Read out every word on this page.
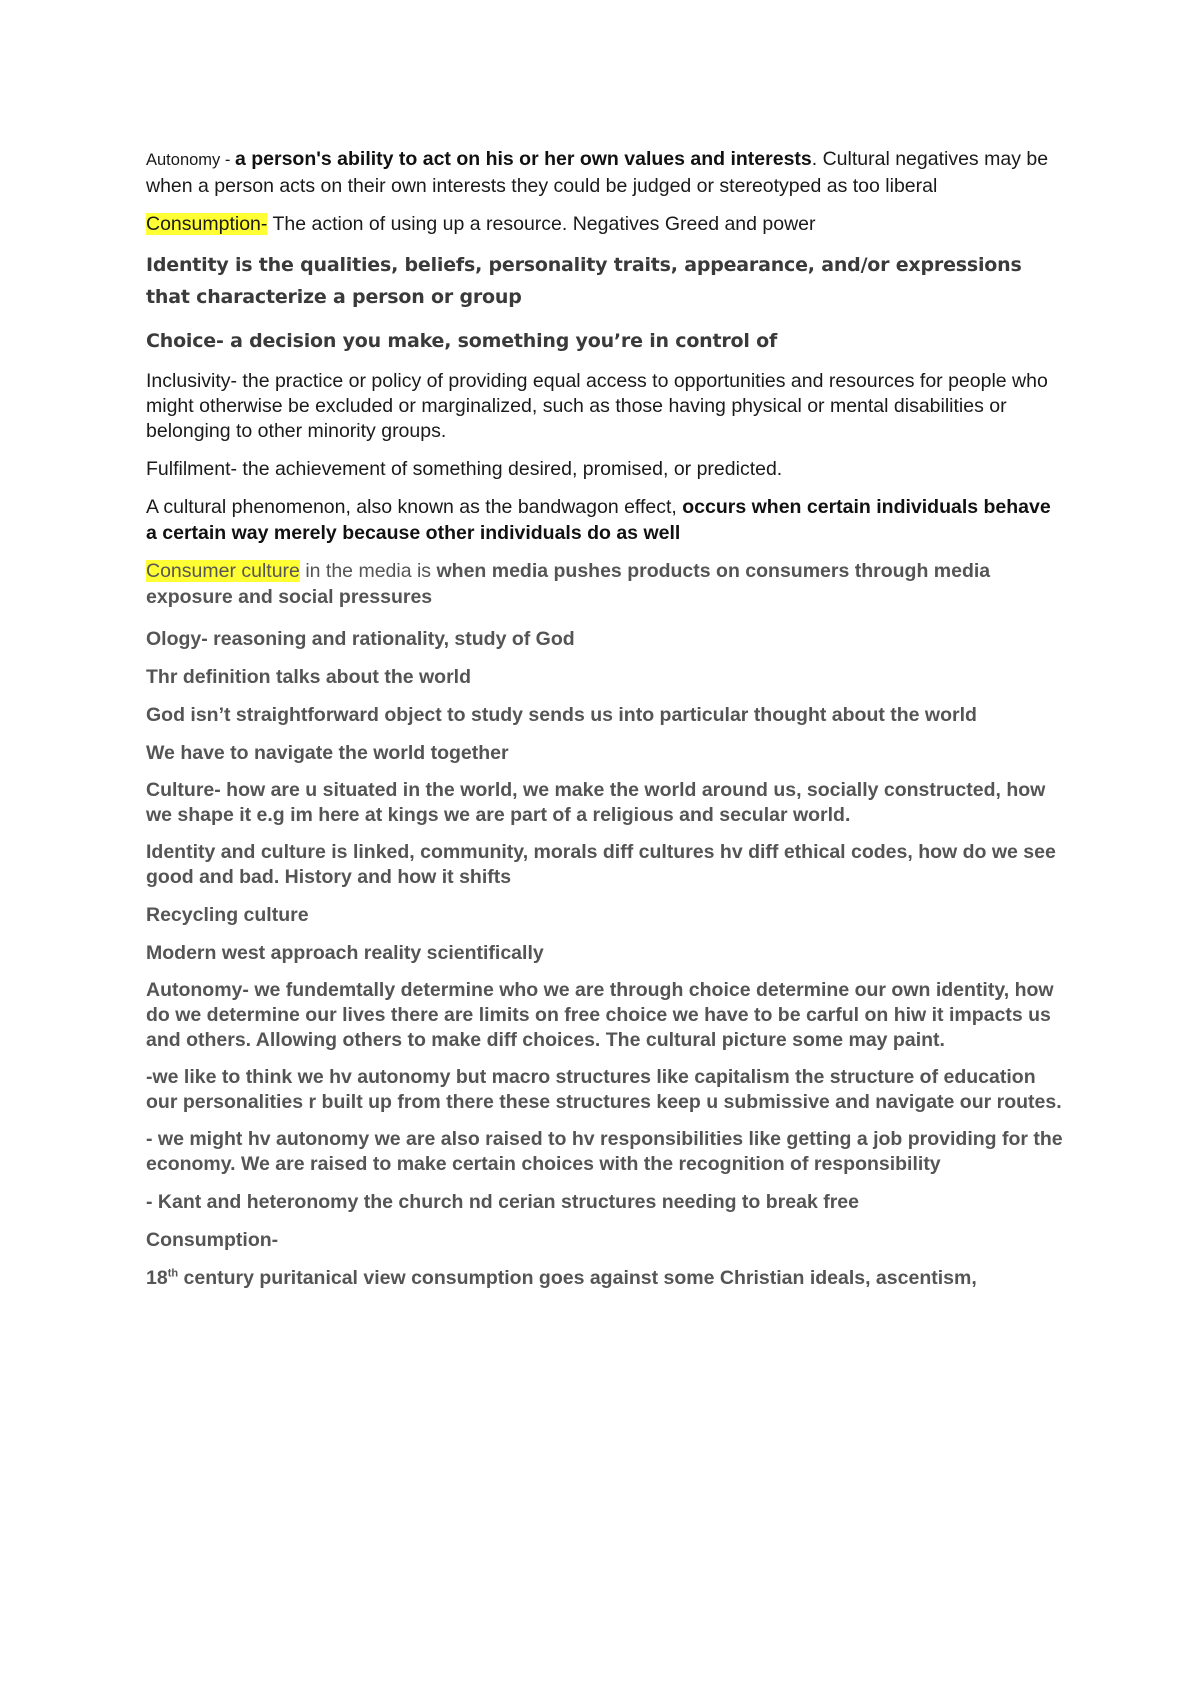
Autonomy - a person's ability to act on his or her own values and interests. Cultural negatives may be when a person acts on their own interests they could be judged or stereotyped as too liberal

Consumption- The action of using up a resource. Negatives Greed and power

Identity is the qualities, beliefs, personality traits, appearance, and/or expressions that characterize a person or group

Choice- a decision you make, something you’re in control of

Inclusivity- the practice or policy of providing equal access to opportunities and resources for people who might otherwise be excluded or marginalized, such as those having physical or mental disabilities or belonging to other minority groups.

Fulfilment- the achievement of something desired, promised, or predicted.

A cultural phenomenon, also known as the bandwagon effect, occurs when certain individuals behave a certain way merely because other individuals do as well

Consumer culture in the media is when media pushes products on consumers through media exposure and social pressures

Ology- reasoning and rationality, study of God

Thr definition talks about the world

God isn’t straightforward object to study sends us into particular thought about the world

We have to navigate the world together

Culture- how are u situated in the world, we make the world around us, socially constructed, how we shape it e.g im here at kings we are part of a religious and secular world.

Identity and culture is linked, community, morals diff cultures hv diff ethical codes, how do we see good and bad. History and how it shifts

Recycling culture

Modern west approach reality scientifically

Autonomy- we fundemtally determine who we are through choice determine our own identity, how do we determine our lives there are limits on free choice we have to be carful on hiw it impacts us and others. Allowing others to make diff choices. The cultural picture some may paint.

-we like to think we hv autonomy but macro structures like capitalism the structure of education our personalities r built up from there these structures keep u submissive and navigate our routes.

- we might hv autonomy we are also raised to hv responsibilities like getting a job providing for the economy. We are raised to make certain choices with the recognition of responsibility

- Kant and heteronomy the church nd cerian structures needing to break free

Consumption-

18th century puritanical view consumption goes against some Christian ideals, ascentism,
